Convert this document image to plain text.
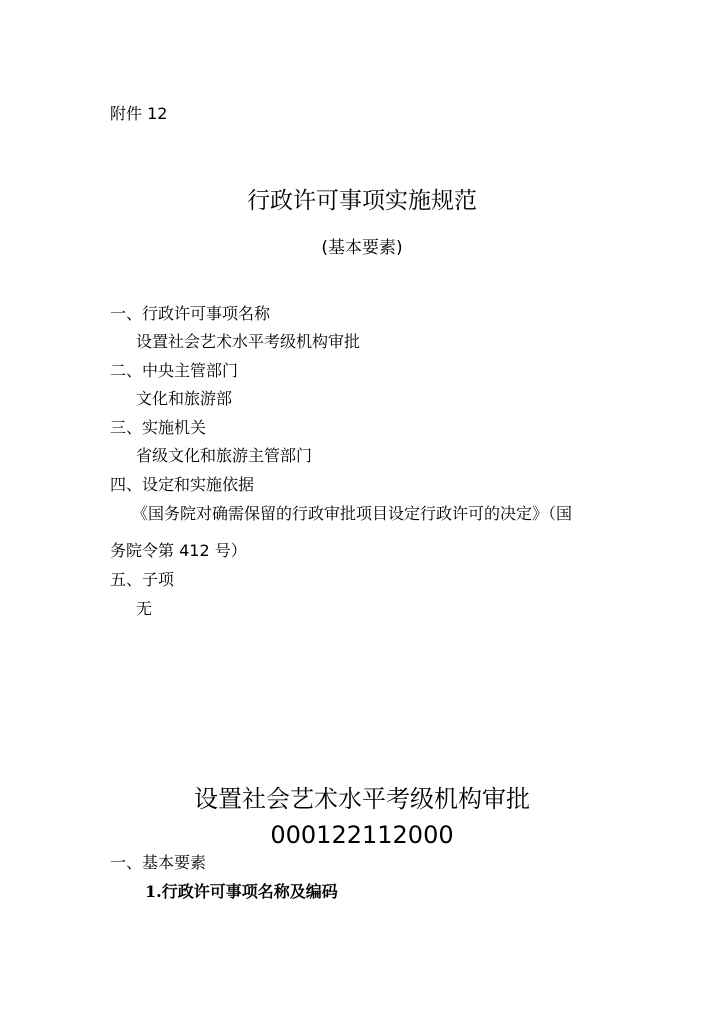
附件 12
行政许可事项实施规范
(基本要素)
一、行政许可事项名称
设置社会艺术水平考级机构审批
二、中央主管部门
文化和旅游部
三、实施机关
省级文化和旅游主管部门
四、设定和实施依据
《国务院对确需保留的行政审批项目设定行政许可的决定》（国
务院令第 412 号）
五、子项
无
设置社会艺术水平考级机构审批
000122112000
一、基本要素
1.行政许可事项名称及编码
